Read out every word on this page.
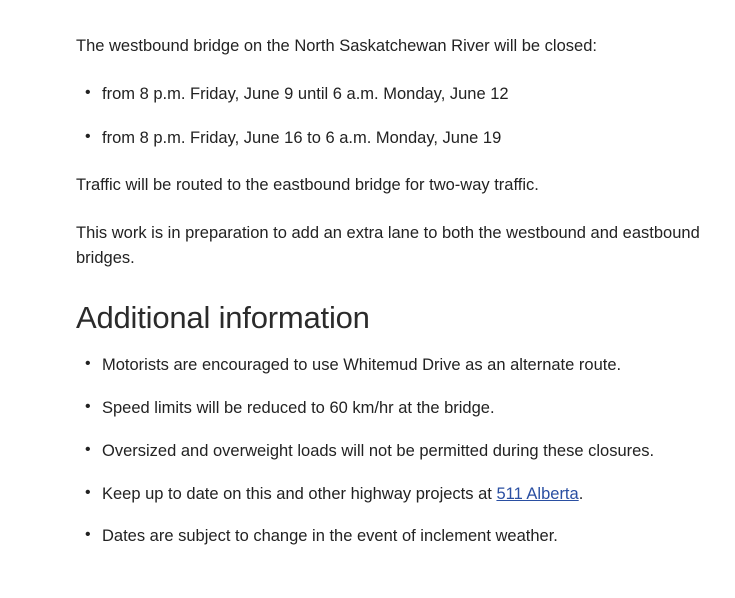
The westbound bridge on the North Saskatchewan River will be closed:

• from 8 p.m. Friday, June 9 until 6 a.m. Monday, June 12
• from 8 p.m. Friday, June 16 to 6 a.m. Monday, June 19

Traffic will be routed to the eastbound bridge for two-way traffic.

This work is in preparation to add an extra lane to both the westbound and eastbound bridges.

Additional information
• Motorists are encouraged to use Whitemud Drive as an alternate route.
• Speed limits will be reduced to 60 km/hr at the bridge.
• Oversized and overweight loads will not be permitted during these closures.
• Keep up to date on this and other highway projects at 511 Alberta.
• Dates are subject to change in the event of inclement weather.
